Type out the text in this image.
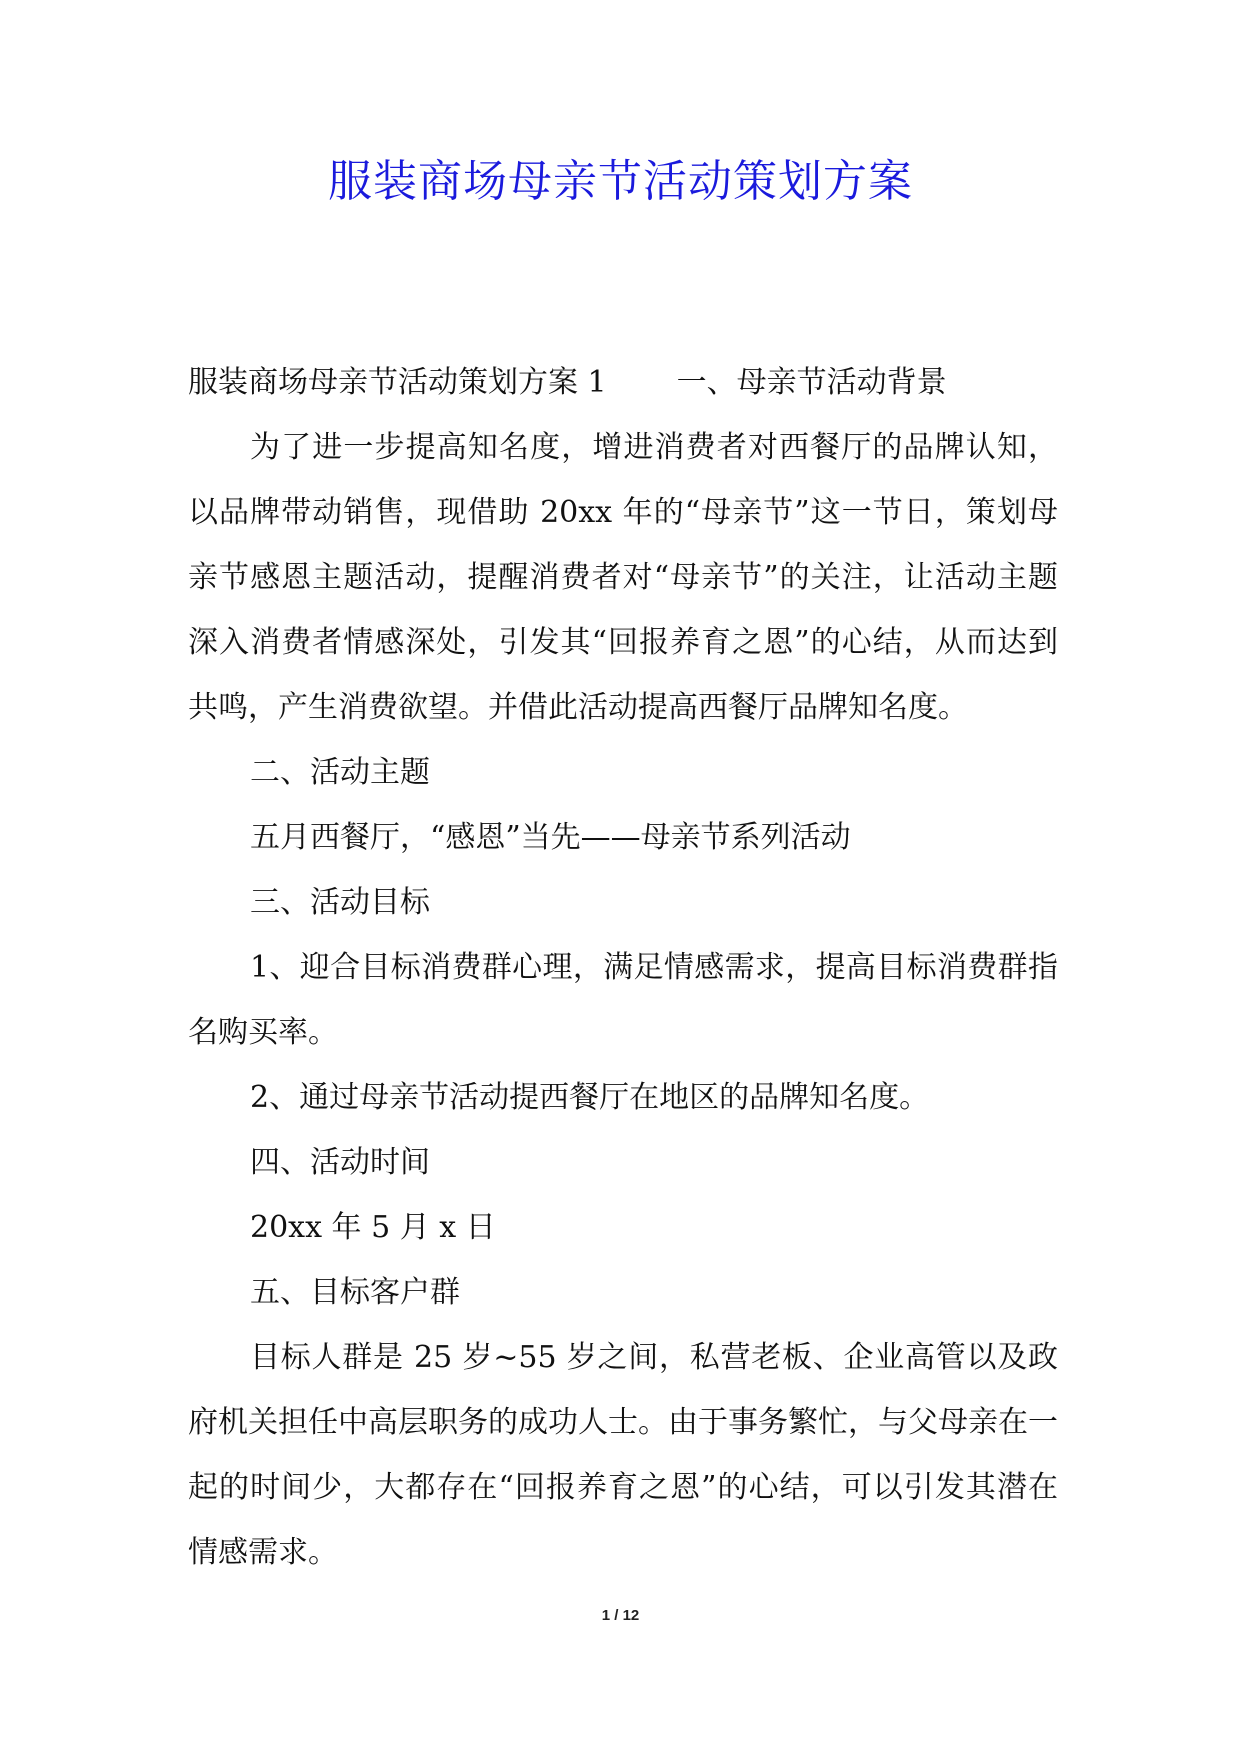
服装商场母亲节活动策划方案

服装商场母亲节活动策划方案 1 一、母亲节活动背景

为了进一步提高知名度，增进消费者对西餐厅的品牌认知，以品牌带动销售，现借助 20xx 年的“母亲节”这一节日，策划母亲节感恩主题活动，提醒消费者对“母亲节”的关注，让活动主题深入消费者情感深处，引发其“回报养育之恩”的心结，从而达到共鸣，产生消费欲望。并借此活动提高西餐厅品牌知名度。

二、活动主题

五月西餐厅，“感恩”当先——母亲节系列活动

三、活动目标

1、迎合目标消费群心理，满足情感需求，提高目标消费群指名购买率。

2、通过母亲节活动提西餐厅在地区的品牌知名度。

四、活动时间

20xx 年 5 月 x 日

五、目标客户群

目标人群是 25 岁~55 岁之间，私营老板、企业高管以及政府机关担任中高层职务的成功人士。由于事务繁忙，与父母亲在一起的时间少，大都存在“回报养育之恩”的心结，可以引发其潜在情感需求。

1 / 12
